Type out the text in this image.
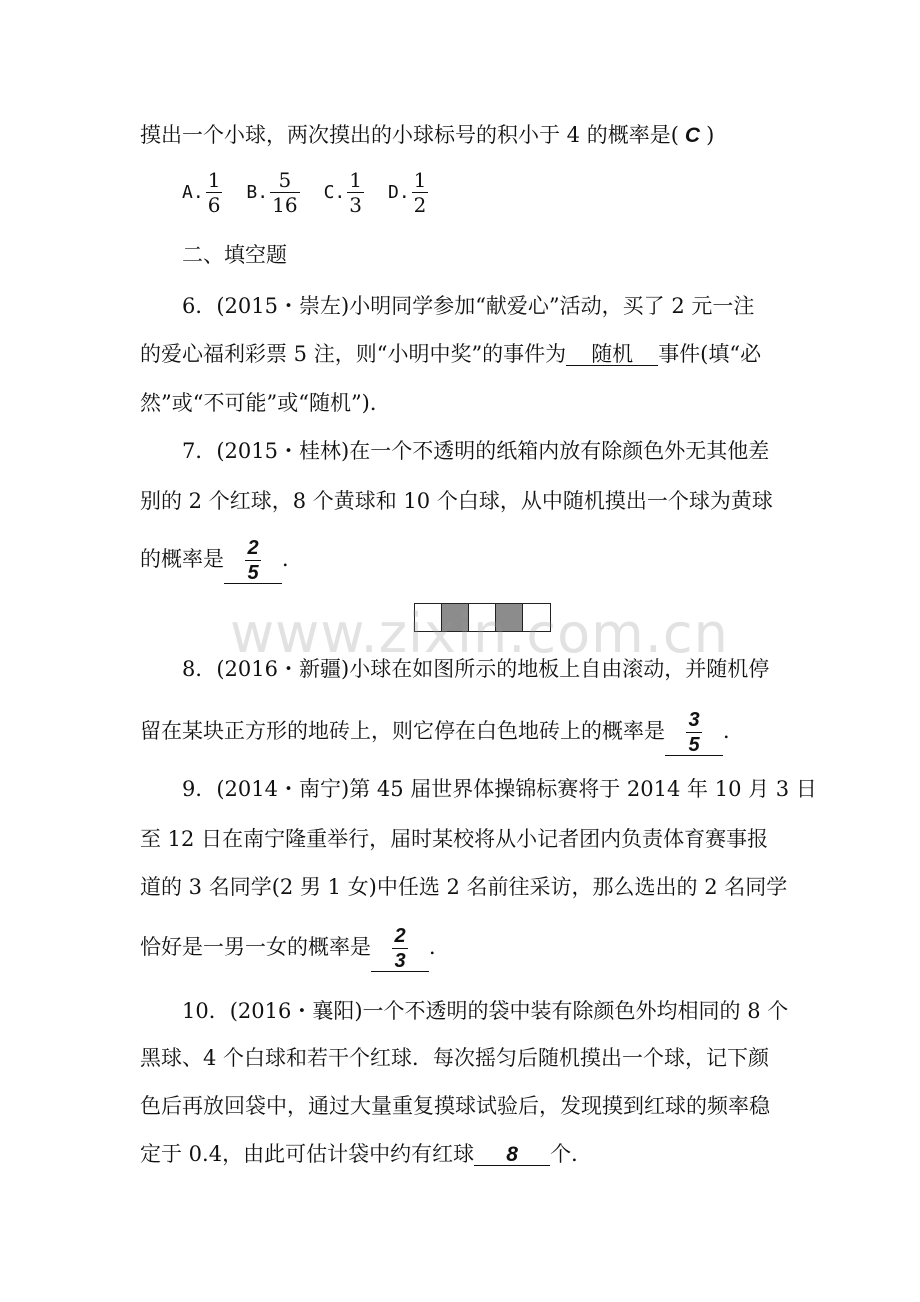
摸出一个小球，两次摸出的小球标号的积小于 4 的概率是( C )
A. $\frac{1}{6} B$. $\frac{5}{16} C$. $\frac{1}{3} D$. $\frac{1}{2}$
二、填空题
6．(2015・崇左)小明同学参加“献爱心”活动，买了 2 元一注
的爱心福利彩票 5 注，则“小明中奖”的事件为 随机 事件(填“必
然”或“不可能”或“随机”)．
7．(2015・桂林)在一个不透明的纸箱内放有除颜色外无其他差
别的 2 个红球，8 个黄球和 10 个白球，从中随机摸出一个球为黄球
的概率是 $\frac{2}{5}$ ．
www.zixin.com.cn
8．(2016・新疆)小球在如图所示的地板上自由滚动，并随机停
留在某块正方形的地砖上，则它停在白色地砖上的概率是 $\frac{3}{5}$ ．
9．(2014・南宁)第 45 届世界体操锦标赛将于 2014 年 10 月 3 日
至 12 日在南宁隆重举行，届时某校将从小记者团内负责体育赛事报
道的 3 名同学(2 男 1 女)中任选 2 名前往采访，那么选出的 2 名同学
恰好是一男一女的概率是 $\frac{2}{3}$ ．
10．(2016・襄阳)一个不透明的袋中装有除颜色外均相同的 8 个
黑球、4 个白球和若干个红球．每次摇匀后随机摸出一个球，记下颜
色后再放回袋中，通过大量重复摸球试验后，发现摸到红球的频率稳
定于 0.4，由此可估计袋中约有红球 8 个．
